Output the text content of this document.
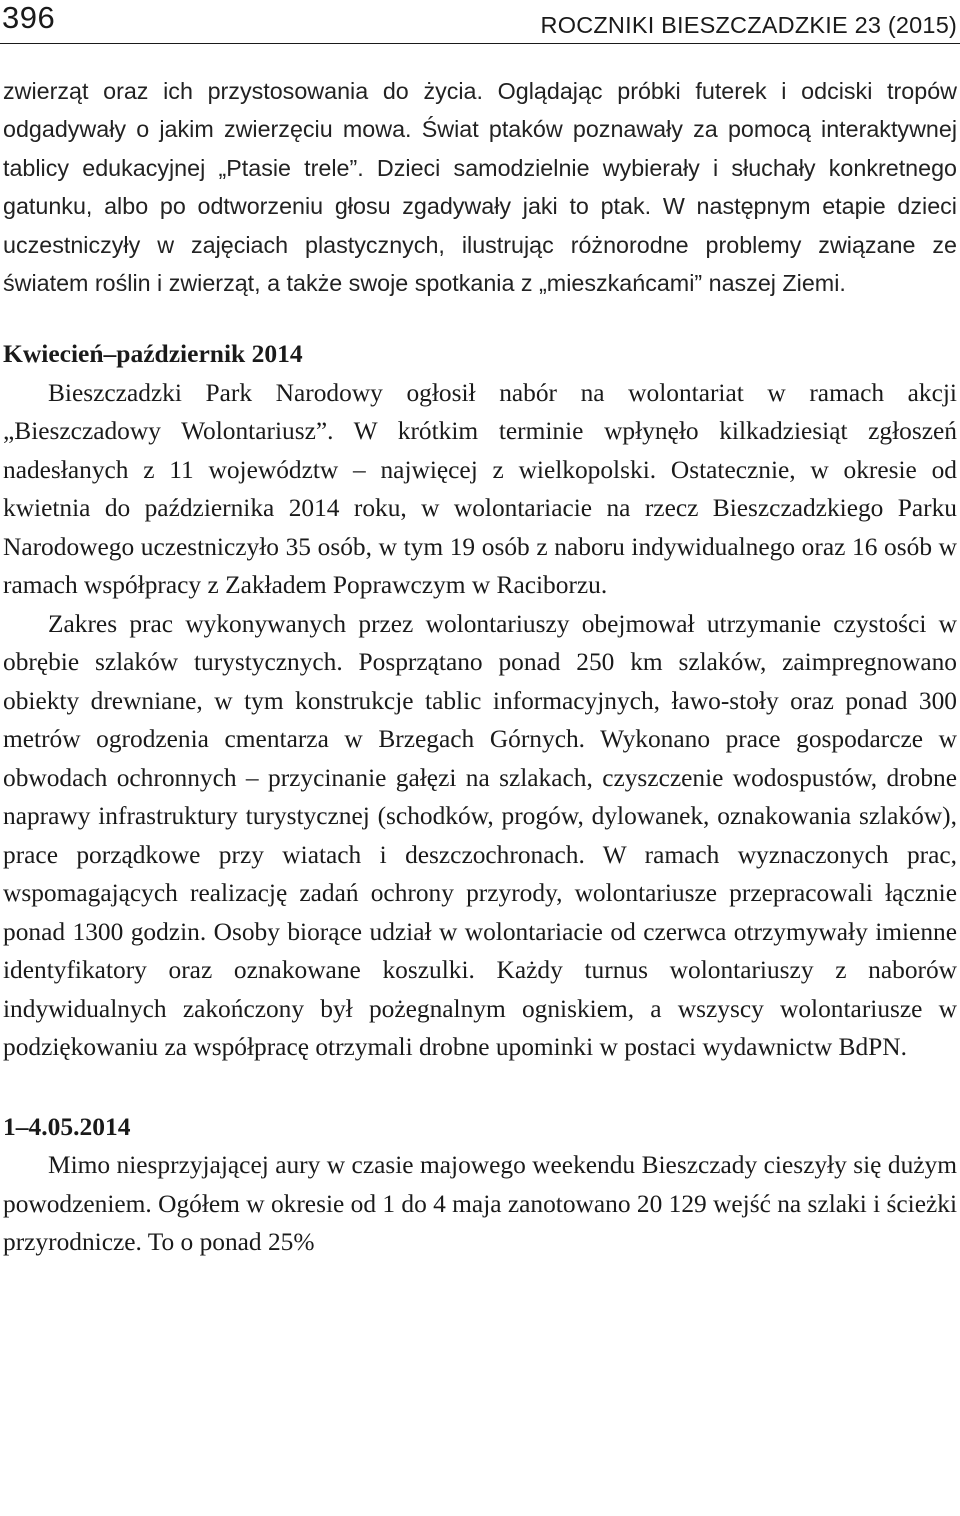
396	ROCZNIKI BIESZCZADZKIE 23 (2015)

zwierząt oraz ich przystosowania do życia. Oglądając próbki futerek i odciski tropów odgadywały o jakim zwierzęciu mowa. Świat ptaków poznawały za pomocą interaktywnej tablicy edukacyjnej „Ptasie trele”. Dzieci samodzielnie wybierały i słuchały konkretnego gatunku, albo po odtworzeniu głosu zgadywały jaki to ptak. W następnym etapie dzieci uczestniczyły w zajęciach plastycznych, ilustrując różnorodne problemy związane ze światem roślin i zwierząt, a także swoje spotkania z „mieszkańcami” naszej Ziemi.

Kwiecień–październik 2014

Bieszczadzki Park Narodowy ogłosił nabór na wolontariat w ramach akcji „Bieszczadowy Wolontariusz”. W krótkim terminie wpłynęło kilkadziesiąt zgłoszeń nadesłanych z 11 województw – najwięcej z wielkopolski. Ostatecznie, w okresie od kwietnia do października 2014 roku, w wolontariacie na rzecz Bieszczadzkiego Parku Narodowego uczestniczyło 35 osób, w tym 19 osób z naboru indywidualnego oraz 16 osób w ramach współpracy z Zakładem Poprawczym w Raciborzu.

Zakres prac wykonywanych przez wolontariuszy obejmował utrzymanie czystości w obrębie szlaków turystycznych. Posprzątano ponad 250 km szlaków, zaimpregnowano obiekty drewniane, w tym konstrukcje tablic informacyjnych, ławo-stoły oraz ponad 300 metrów ogrodzenia cmentarza w Brzegach Górnych. Wykonano prace gospodarcze w obwodach ochronnych – przycinanie gałęzi na szlakach, czyszczenie wodospustów, drobne naprawy infrastruktury turystycznej (schodków, progów, dylowanek, oznakowania szlaków), prace porządkowe przy wiatach i deszczochronach. W ramach wyznaczonych prac, wspomagających realizację zadań ochrony przyrody, wolontariusze przepracowali łącznie ponad 1300 godzin. Osoby biorące udział w wolontariacie od czerwca otrzymywały imienne identyfikatory oraz oznakowane koszulki. Każdy turnus wolontariuszy z naborów indywidualnych zakończony był pożegnalnym ogniskiem, a wszyscy wolontariusze w podziękowaniu za współpracę otrzymali drobne upominki w postaci wydawnictw BdPN.

1–4.05.2014

Mimo niesprzyjającej aury w czasie majowego weekendu Bieszczady cieszyły się dużym powodzeniem. Ogółem w okresie od 1 do 4 maja zanotowano 20 129 wejść na szlaki i ścieżki przyrodnicze. To o ponad 25%
